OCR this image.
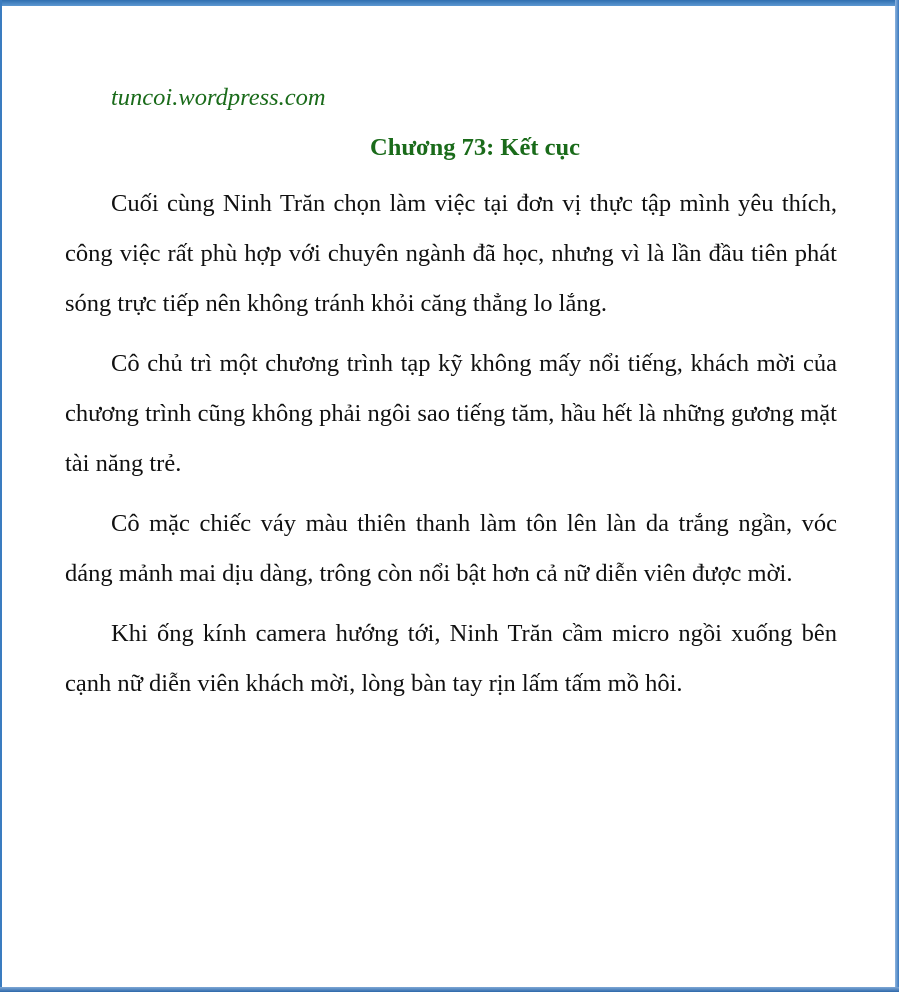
tuncoi.wordpress.com

Chương 73: Kết cục

Cuối cùng Ninh Trăn chọn làm việc tại đơn vị thực tập mình yêu thích, công việc rất phù hợp với chuyên ngành đã học, nhưng vì là lần đầu tiên phát sóng trực tiếp nên không tránh khỏi căng thẳng lo lắng.

Cô chủ trì một chương trình tạp kỹ không mấy nổi tiếng, khách mời của chương trình cũng không phải ngôi sao tiếng tăm, hầu hết là những gương mặt tài năng trẻ.

Cô mặc chiếc váy màu thiên thanh làm tôn lên làn da trắng ngần, vóc dáng mảnh mai dịu dàng, trông còn nổi bật hơn cả nữ diễn viên được mời.

Khi ống kính camera hướng tới, Ninh Trăn cầm micro ngồi xuống bên cạnh nữ diễn viên khách mời, lòng bàn tay rịn lấm tấm mồ hôi.
